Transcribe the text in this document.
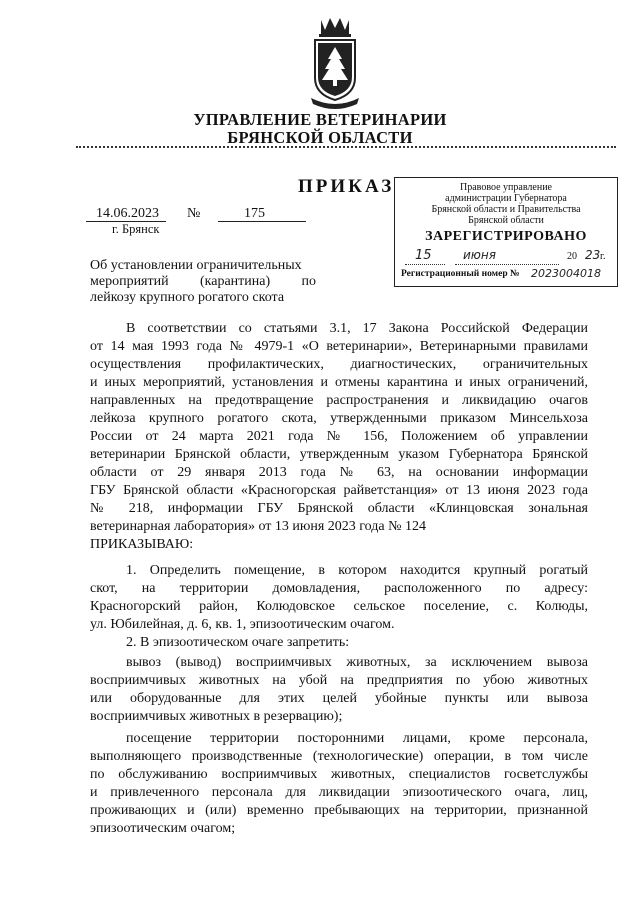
УПРАВЛЕНИЕ ВЕТЕРИНАРИИ
БРЯНСКОЙ ОБЛАСТИ
ПРИКАЗ
14.06.2023 №	175
г. Брянск
Правовое управление
администрации Губернатора
Брянской области и Правительства
Брянской области
ЗАРЕГИСТРИРОВАНО
15	июня	20 23 г.
Регистрационный номер № 2023004018
Об установлении ограничительных
мероприятий (карантина) по
лейкозу крупного рогатого скота
В соответствии со статьями 3.1, 17 Закона Российской Федерации
от 14 мая 1993 года № 4979-1 «О ветеринарии», Ветеринарными правилами
осуществления профилактических, диагностических, ограничительных
и иных мероприятий, установления и отмены карантина и иных ограничений,
направленных на предотвращение распространения и ликвидацию очагов
лейкоза крупного рогатого скота, утвержденными приказом Минсельхоза
России от 24 марта 2021 года № 156, Положением об управлении
ветеринарии Брянской области, утвержденным указом Губернатора Брянской
области от 29 января 2013 года № 63, на основании информации
ГБУ Брянской области «Красногорская райветстанция» от 13 июня 2023 года
№ 218, информации ГБУ Брянской области «Клинцовская зональная
ветеринарная лаборатория» от 13 июня 2023 года № 124
ПРИКАЗЫВАЮ:
1. Определить помещение, в котором находится крупный рогатый
скот, на территории домовладения, расположенного по адресу:
Красногорский район, Колюдовское сельское поселение, с. Колюды,
ул. Юбилейная, д. 6, кв. 1, эпизоотическим очагом.
2. В эпизоотическом очаге запретить:
вывоз (вывод) восприимчивых животных, за исключением вывоза
восприимчивых животных на убой на предприятия по убою животных
или оборудованные для этих целей убойные пункты или вывоза
восприимчивых животных в резервацию);
посещение территории посторонними лицами, кроме персонала,
выполняющего производственные (технологические) операции, в том числе
по обслуживанию восприимчивых животных, специалистов госветслужбы
и привлеченного персонала для ликвидации эпизоотического очага, лиц,
проживающих и (или) временно пребывающих на территории, признанной
эпизоотическим очагом;
